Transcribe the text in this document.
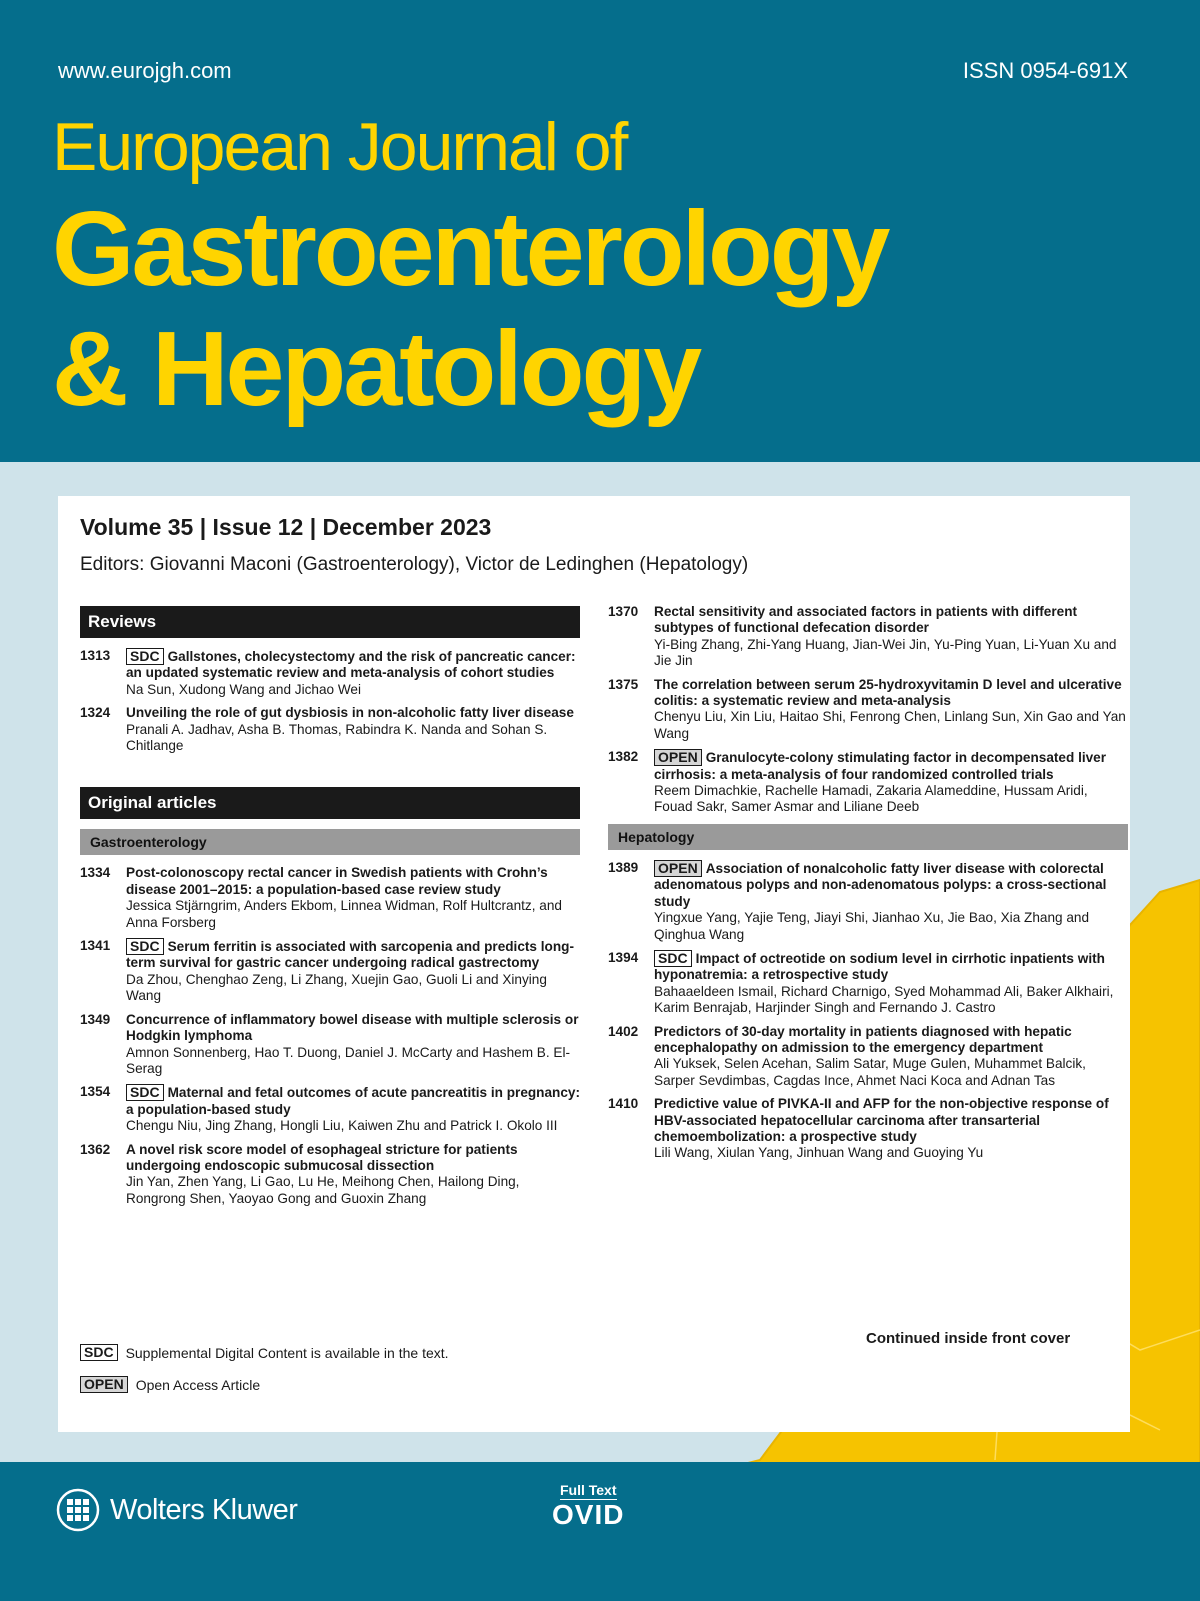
www.eurojgh.com	ISSN 0954-691X
European Journal of
Gastroenterology
& Hepatology
Volume 35 | Issue 12 | December 2023
Editors: Giovanni Maconi (Gastroenterology), Victor de Ledinghen (Hepatology)
Reviews
1313	SDC Gallstones, cholecystectomy and the risk of pancreatic cancer: an updated systematic review and meta-analysis of cohort studies
Na Sun, Xudong Wang and Jichao Wei
1324	Unveiling the role of gut dysbiosis in non-alcoholic fatty liver disease
Pranali A. Jadhav, Asha B. Thomas, Rabindra K. Nanda and Sohan S. Chitlange
Original articles
Gastroenterology
1334	Post-colonoscopy rectal cancer in Swedish patients with Crohn’s disease 2001–2015: a population-based case review study
Jessica Stjärngrim, Anders Ekbom, Linnea Widman, Rolf Hultcrantz, and Anna Forsberg
1341	SDC Serum ferritin is associated with sarcopenia and predicts long-term survival for gastric cancer undergoing radical gastrectomy
Da Zhou, Chenghao Zeng, Li Zhang, Xuejin Gao, Guoli Li and Xinying Wang
1349	Concurrence of inflammatory bowel disease with multiple sclerosis or Hodgkin lymphoma
Amnon Sonnenberg, Hao T. Duong, Daniel J. McCarty and Hashem B. El-Serag
1354	SDC Maternal and fetal outcomes of acute pancreatitis in pregnancy: a population-based study
Chengu Niu, Jing Zhang, Hongli Liu, Kaiwen Zhu and Patrick I. Okolo III
1362	A novel risk score model of esophageal stricture for patients undergoing endoscopic submucosal dissection
Jin Yan, Zhen Yang, Li Gao, Lu He, Meihong Chen, Hailong Ding, Rongrong Shen, Yaoyao Gong and Guoxin Zhang
1370	Rectal sensitivity and associated factors in patients with different subtypes of functional defecation disorder
Yi-Bing Zhang, Zhi-Yang Huang, Jian-Wei Jin, Yu-Ping Yuan, Li-Yuan Xu and Jie Jin
1375	The correlation between serum 25-hydroxyvitamin D level and ulcerative colitis: a systematic review and meta-analysis
Chenyu Liu, Xin Liu, Haitao Shi, Fenrong Chen, Linlang Sun, Xin Gao and Yan Wang
1382	OPEN Granulocyte-colony stimulating factor in decompensated liver cirrhosis: a meta-analysis of four randomized controlled trials
Reem Dimachkie, Rachelle Hamadi, Zakaria Alameddine, Hussam Aridi, Fouad Sakr, Samer Asmar and Liliane Deeb
Hepatology
1389	OPEN Association of nonalcoholic fatty liver disease with colorectal adenomatous polyps and non-adenomatous polyps: a cross-sectional study
Yingxue Yang, Yajie Teng, Jiayi Shi, Jianhao Xu, Jie Bao, Xia Zhang and Qinghua Wang
1394	SDC Impact of octreotide on sodium level in cirrhotic inpatients with hyponatremia: a retrospective study
Bahaaeldeen Ismail, Richard Charnigo, Syed Mohammad Ali, Baker Alkhairi, Karim Benrajab, Harjinder Singh and Fernando J. Castro
1402	Predictors of 30-day mortality in patients diagnosed with hepatic encephalopathy on admission to the emergency department
Ali Yuksek, Selen Acehan, Salim Satar, Muge Gulen, Muhammet Balcik, Sarper Sevdimbas, Cagdas Ince, Ahmet Naci Koca and Adnan Tas
1410	Predictive value of PIVKA-II and AFP for the non-objective response of HBV-associated hepatocellular carcinoma after transarterial chemoembolization: a prospective study
Lili Wang, Xiulan Yang, Jinhuan Wang and Guoying Yu
Continued inside front cover
SDC Supplemental Digital Content is available in the text.
OPEN Open Access Article
Wolters Kluwer
Full Text
OVID
